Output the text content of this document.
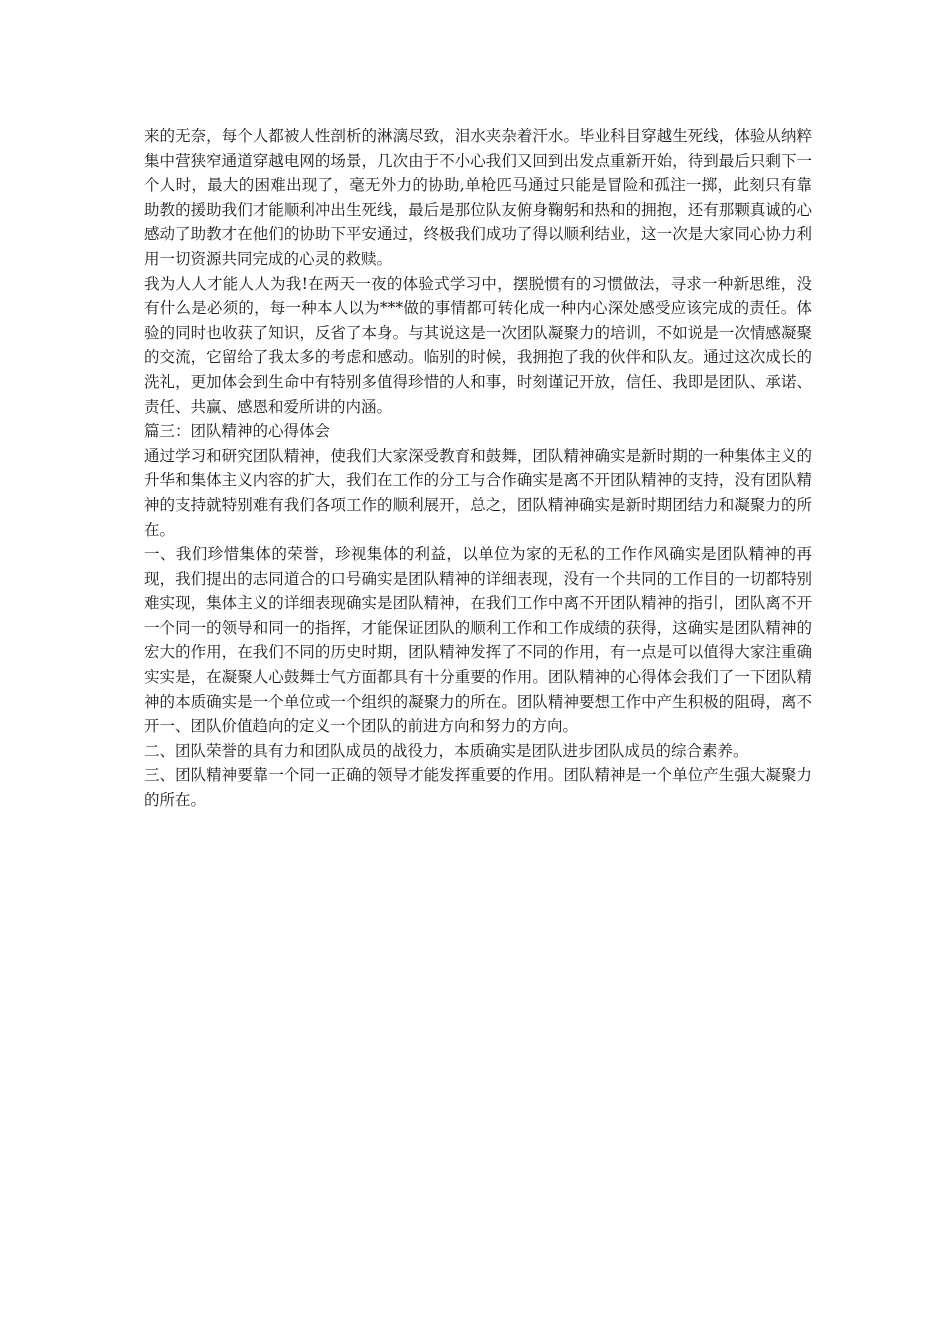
来的无奈，每个人都被人性剖析的淋漓尽致，泪水夹杂着汗水。毕业科目穿越生死线，体验从纳粹集中营狭窄通道穿越电网的场景，几次由于不小心我们又回到出发点重新开始，待到最后只剩下一个人时，最大的困难出现了，毫无外力的协助,单枪匹马通过只能是冒险和孤注一掷，此刻只有靠助教的援助我们才能顺利冲出生死线，最后是那位队友俯身鞠躬和热和的拥抱，还有那颗真诚的心感动了助教才在他们的协助下平安通过，终极我们成功了得以顺利结业，这一次是大家同心协力利用一切资源共同完成的心灵的救赎。

我为人人才能人人为我!在两天一夜的体验式学习中，摆脱惯有的习惯做法，寻求一种新思维，没有什么是必须的，每一种本人以为***做的事情都可转化成一种内心深处感受应该完成的责任。体验的同时也收获了知识，反省了本身。与其说这是一次团队凝聚力的培训，不如说是一次情感凝聚的交流，它留给了我太多的考虑和感动。临别的时候，我拥抱了我的伙伴和队友。通过这次成长的洗礼，更加体会到生命中有特别多值得珍惜的人和事，时刻谨记开放，信任、我即是团队、承诺、责任、共赢、感恩和爱所讲的内涵。

篇三：团队精神的心得体会

通过学习和研究团队精神，使我们大家深受教育和鼓舞，团队精神确实是新时期的一种集体主义的升华和集体主义内容的扩大，我们在工作的分工与合作确实是离不开团队精神的支持，没有团队精神的支持就特别难有我们各项工作的顺利展开，总之，团队精神确实是新时期团结力和凝聚力的所在。

一、我们珍惜集体的荣誉，珍视集体的利益，以单位为家的无私的工作作风确实是团队精神的再现，我们提出的志同道合的口号确实是团队精神的详细表现，没有一个共同的工作目的一切都特别难实现，集体主义的详细表现确实是团队精神，在我们工作中离不开团队精神的指引，团队离不开一个同一的领导和同一的指挥，才能保证团队的顺利工作和工作成绩的获得，这确实是团队精神的宏大的作用，在我们不同的历史时期，团队精神发挥了不同的作用，有一点是可以值得大家注重确实实是，在凝聚人心鼓舞士气方面都具有十分重要的作用。团队精神的心得体会我们了一下团队精神的本质确实是一个单位或一个组织的凝聚力的所在。团队精神要想工作中产生积极的阻碍，离不开一、团队价值趋向的定义一个团队的前进方向和努力的方向。

二、团队荣誉的具有力和团队成员的战役力，本质确实是团队进步团队成员的综合素养。

三、团队精神要靠一个同一正确的领导才能发挥重要的作用。团队精神是一个单位产生强大凝聚力的所在。
